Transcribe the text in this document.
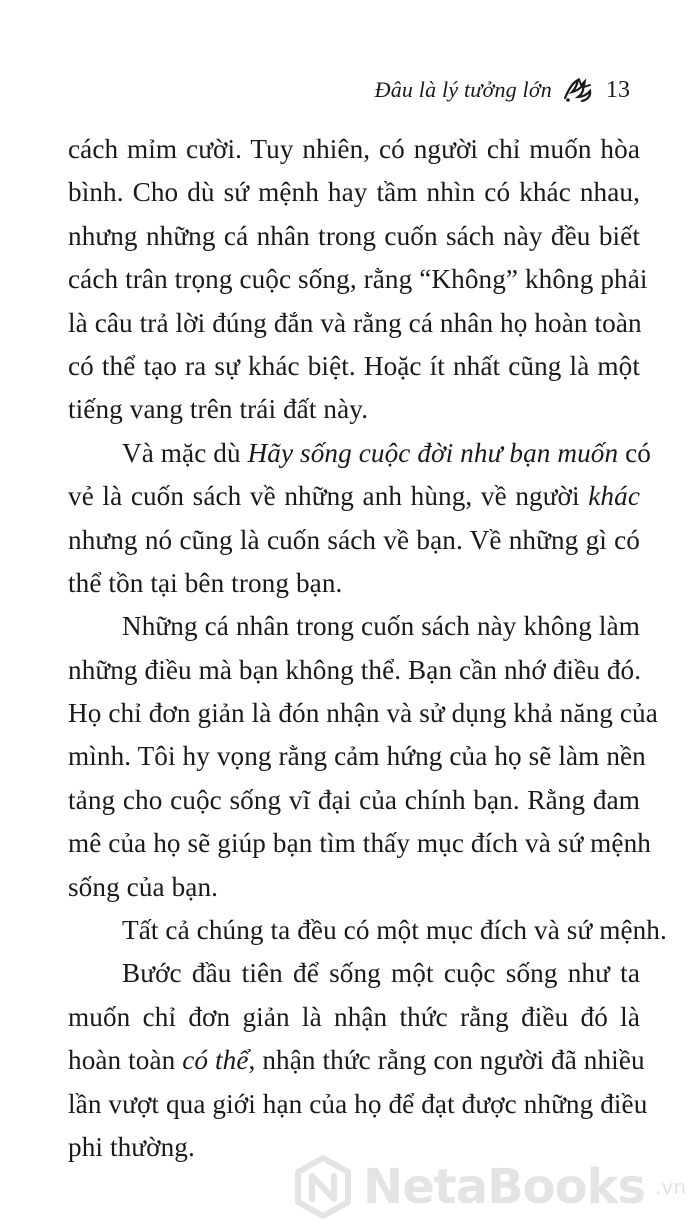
Đâu là lý tưởng lớn 13
cách mỉm cười. Tuy nhiên, có người chỉ muốn hòa
bình. Cho dù sứ mệnh hay tầm nhìn có khác nhau,
nhưng những cá nhân trong cuốn sách này đều biết
cách trân trọng cuộc sống, rằng “Không” không phải
là câu trả lời đúng đắn và rằng cá nhân họ hoàn toàn
có thể tạo ra sự khác biệt. Hoặc ít nhất cũng là một
tiếng vang trên trái đất này.
Và mặc dù Hãy sống cuộc đời như bạn muốn có
vẻ là cuốn sách về những anh hùng, về người khác
nhưng nó cũng là cuốn sách về bạn. Về những gì có
thể tồn tại bên trong bạn.
Những cá nhân trong cuốn sách này không làm
những điều mà bạn không thể. Bạn cần nhớ điều đó.
Họ chỉ đơn giản là đón nhận và sử dụng khả năng của
mình. Tôi hy vọng rằng cảm hứng của họ sẽ làm nền
tảng cho cuộc sống vĩ đại của chính bạn. Rằng đam
mê của họ sẽ giúp bạn tìm thấy mục đích và sứ mệnh
sống của bạn.
Tất cả chúng ta đều có một mục đích và sứ mệnh.
Bước đầu tiên để sống một cuộc sống như ta
muốn chỉ đơn giản là nhận thức rằng điều đó là
hoàn toàn có thể, nhận thức rằng con người đã nhiều
lần vượt qua giới hạn của họ để đạt được những điều
phi thường.
NetaBooks .vn
